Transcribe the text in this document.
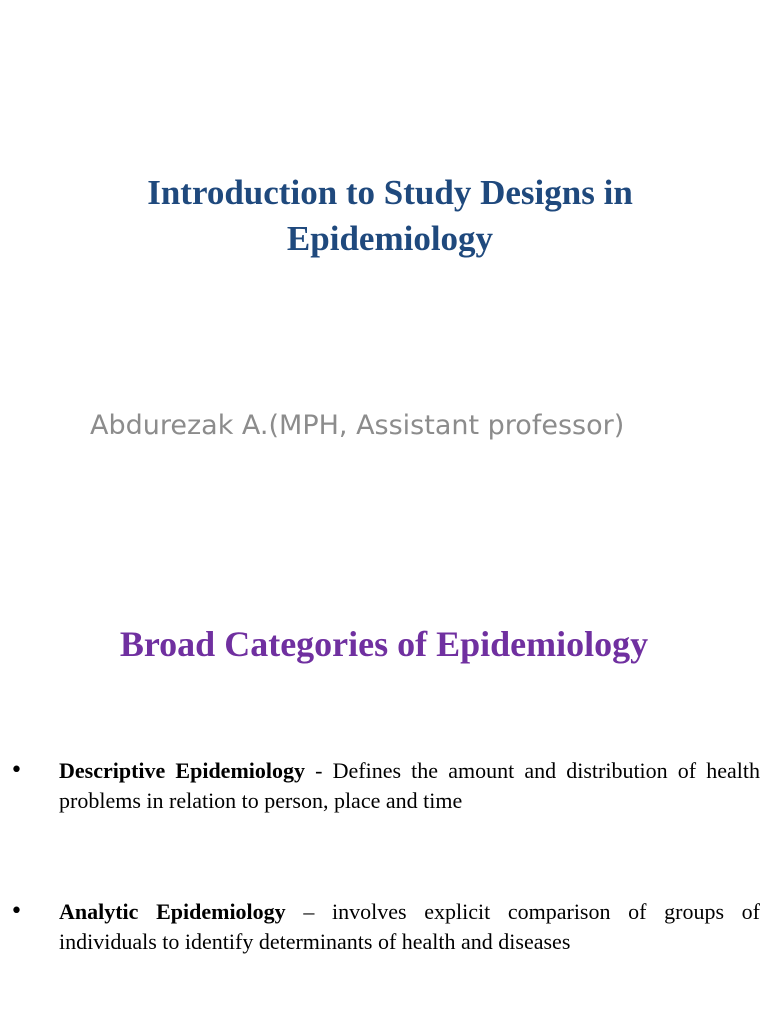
Introduction to Study Designs in
Epidemiology
Abdurezak A.(MPH, Assistant professor)
Broad Categories of Epidemiology
• Descriptive Epidemiology - Defines the amount and distribution of health problems in relation to person, place and time
• Analytic Epidemiology – involves explicit comparison of groups of individuals to identify determinants of health and diseases
